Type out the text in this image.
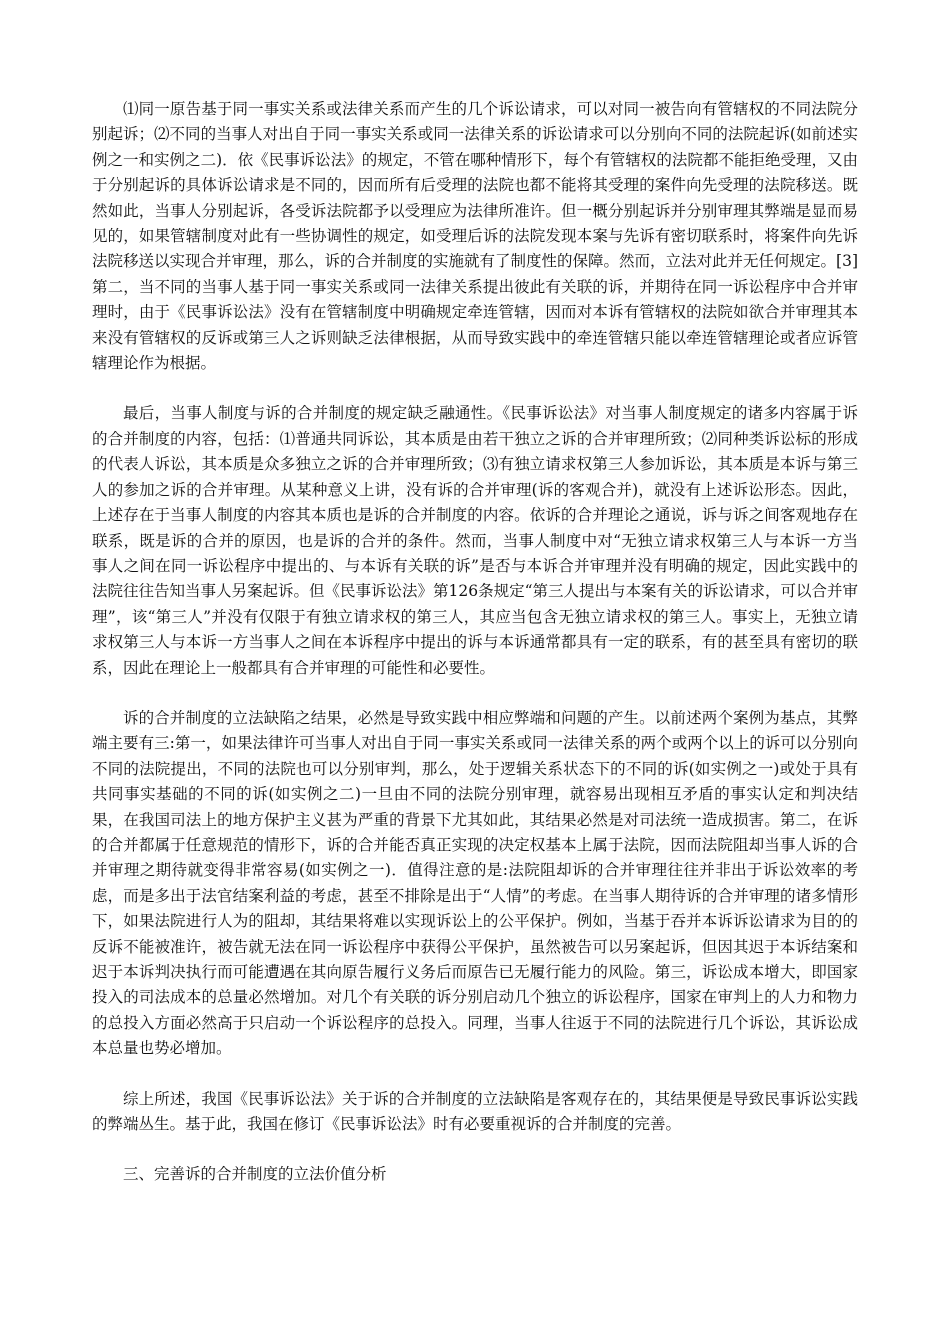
⑴同一原告基于同一事实关系或法律关系而产生的几个诉讼请求，可以对同一被告向有管辖权的不同法院分别起诉；⑵不同的当事人对出自于同一事实关系或同一法律关系的诉讼请求可以分别向不同的法院起诉(如前述实例之一和实例之二)．依《民事诉讼法》的规定，不管在哪种情形下，每个有管辖权的法院都不能拒绝受理，又由于分别起诉的具体诉讼请求是不同的，因而所有后受理的法院也都不能将其受理的案件向先受理的法院移送。既然如此，当事人分别起诉，各受诉法院都予以受理应为法律所准许。但一概分别起诉并分别审理其弊端是显而易见的，如果管辖制度对此有一些协调性的规定，如受理后诉的法院发现本案与先诉有密切联系时，将案件向先诉法院移送以实现合并审理，那么，诉的合并制度的实施就有了制度性的保障。然而，立法对此并无任何规定。[3]第二，当不同的当事人基于同一事实关系或同一法律关系提出彼此有关联的诉，并期待在同一诉讼程序中合并审理时，由于《民事诉讼法》没有在管辖制度中明确规定牵连管辖，因而对本诉有管辖权的法院如欲合并审理其本来没有管辖权的反诉或第三人之诉则缺乏法律根据，从而导致实践中的牵连管辖只能以牵连管辖理论或者应诉管辖理论作为根据。

最后，当事人制度与诉的合并制度的规定缺乏融通性。《民事诉讼法》对当事人制度规定的诸多内容属于诉的合并制度的内容，包括：⑴普通共同诉讼，其本质是由若干独立之诉的合并审理所致；⑵同种类诉讼标的形成的代表人诉讼，其本质是众多独立之诉的合并审理所致；⑶有独立请求权第三人参加诉讼，其本质是本诉与第三人的参加之诉的合并审理。从某种意义上讲，没有诉的合并审理(诉的客观合并)，就没有上述诉讼形态。因此，上述存在于当事人制度的内容其本质也是诉的合并制度的内容。依诉的合并理论之通说，诉与诉之间客观地存在联系，既是诉的合并的原因，也是诉的合并的条件。然而，当事人制度中对“无独立请求权第三人与本诉一方当事人之间在同一诉讼程序中提出的、与本诉有关联的诉”是否与本诉合并审理并没有明确的规定，因此实践中的法院往往告知当事人另案起诉。但《民事诉讼法》第126条规定“第三人提出与本案有关的诉讼请求，可以合并审理”，该“第三人”并没有仅限于有独立请求权的第三人，其应当包含无独立请求权的第三人。事实上，无独立请求权第三人与本诉一方当事人之间在本诉程序中提出的诉与本诉通常都具有一定的联系，有的甚至具有密切的联系，因此在理论上一般都具有合并审理的可能性和必要性。

诉的合并制度的立法缺陷之结果，必然是导致实践中相应弊端和问题的产生。以前述两个案例为基点，其弊端主要有三:第一，如果法律许可当事人对出自于同一事实关系或同一法律关系的两个或两个以上的诉可以分别向不同的法院提出，不同的法院也可以分别审判，那么，处于逻辑关系状态下的不同的诉(如实例之一)或处于具有共同事实基础的不同的诉(如实例之二)一旦由不同的法院分别审理，就容易出现相互矛盾的事实认定和判决结果，在我国司法上的地方保护主义甚为严重的背景下尤其如此，其结果必然是对司法统一造成损害。第二，在诉的合并都属于任意规范的情形下，诉的合并能否真正实现的决定权基本上属于法院，因而法院阻却当事人诉的合并审理之期待就变得非常容易(如实例之一)．值得注意的是:法院阻却诉的合并审理往往并非出于诉讼效率的考虑，而是多出于法官结案利益的考虑，甚至不排除是出于“人情”的考虑。在当事人期待诉的合并审理的诸多情形下，如果法院进行人为的阻却，其结果将难以实现诉讼上的公平保护。例如，当基于吞并本诉诉讼请求为目的的反诉不能被准许，被告就无法在同一诉讼程序中获得公平保护，虽然被告可以另案起诉，但因其迟于本诉结案和迟于本诉判决执行而可能遭遇在其向原告履行义务后而原告已无履行能力的风险。第三，诉讼成本增大，即国家投入的司法成本的总量必然增加。对几个有关联的诉分别启动几个独立的诉讼程序，国家在审判上的人力和物力的总投入方面必然高于只启动一个诉讼程序的总投入。同理，当事人往返于不同的法院进行几个诉讼，其诉讼成本总量也势必增加。

综上所述，我国《民事诉讼法》关于诉的合并制度的立法缺陷是客观存在的，其结果便是导致民事诉讼实践的弊端丛生。基于此，我国在修订《民事诉讼法》时有必要重视诉的合并制度的完善。

三、完善诉的合并制度的立法价值分析
